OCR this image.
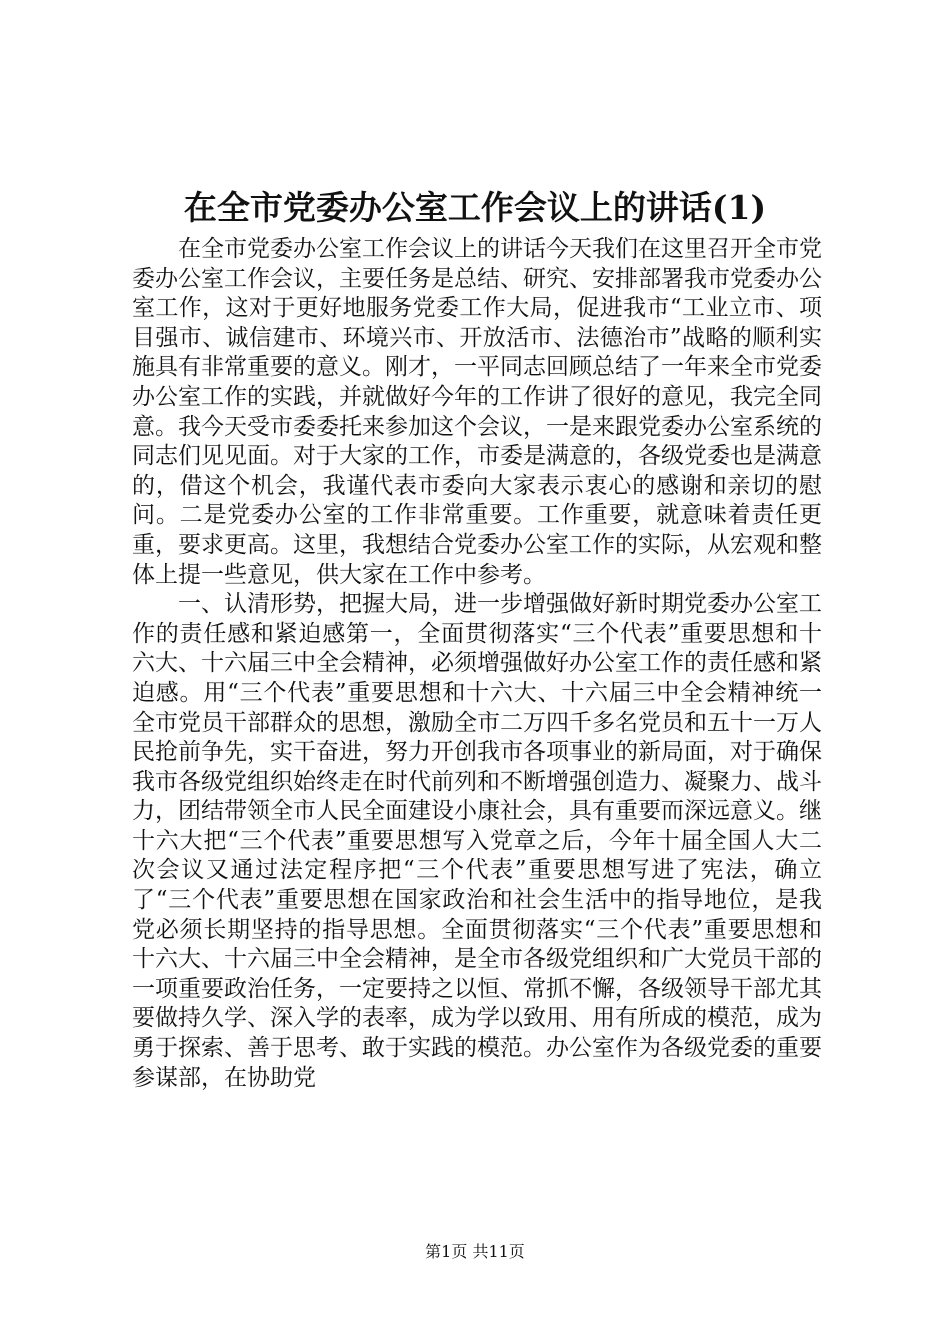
在全市党委办公室工作会议上的讲话(1)

在全市党委办公室工作会议上的讲话今天我们在这里召开全市党委办公室工作会议，主要任务是总结、研究、安排部署我市党委办公室工作，这对于更好地服务党委工作大局，促进我市“工业立市、项目强市、诚信建市、环境兴市、开放活市、法德治市”战略的顺利实施具有非常重要的意义。刚才，一平同志回顾总结了一年来全市党委办公室工作的实践，并就做好今年的工作讲了很好的意见，我完全同意。我今天受市委委托来参加这个会议，一是来跟党委办公室系统的同志们见见面。对于大家的工作，市委是满意的，各级党委也是满意的，借这个机会，我谨代表市委向大家表示衷心的感谢和亲切的慰问。二是党委办公室的工作非常重要。工作重要，就意味着责任更重，要求更高。这里，我想结合党委办公室工作的实际，从宏观和整体上提一些意见，供大家在工作中参考。

一、认清形势，把握大局，进一步增强做好新时期党委办公室工作的责任感和紧迫感第一，全面贯彻落实“三个代表”重要思想和十六大、十六届三中全会精神，必须增强做好办公室工作的责任感和紧迫感。用“三个代表”重要思想和十六大、十六届三中全会精神统一全市党员干部群众的思想，激励全市二万四千多名党员和五十一万人民抢前争先，实干奋进，努力开创我市各项事业的新局面，对于确保我市各级党组织始终走在时代前列和不断增强创造力、凝聚力、战斗力，团结带领全市人民全面建设小康社会，具有重要而深远意义。继十六大把“三个代表”重要思想写入党章之后，今年十届全国人大二次会议又通过法定程序把“三个代表”重要思想写进了宪法，确立了“三个代表”重要思想在国家政治和社会生活中的指导地位，是我党必须长期坚持的指导思想。全面贯彻落实“三个代表”重要思想和十六大、十六届三中全会精神，是全市各级党组织和广大党员干部的一项重要政治任务，一定要持之以恒、常抓不懈，各级领导干部尤其要做持久学、深入学的表率，成为学以致用、用有所成的模范，成为勇于探索、善于思考、敢于实践的模范。办公室作为各级党委的重要参谋部，在协助党

第1页 共11页
